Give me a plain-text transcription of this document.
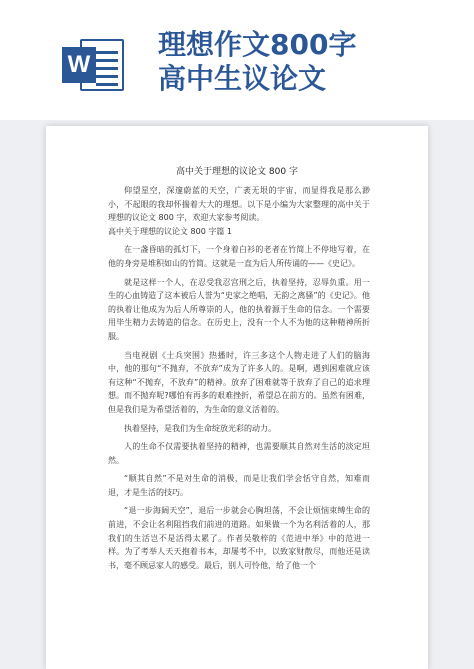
W
理想作文800字
高中生议论文
高中关于理想的议论文 800 字

仰望星空，深邃蔚蓝的天空，广袤无垠的宇宙，而显得我是那么渺小，不起眼的我却怀揣着大大的理想。以下是小编为大家整理的高中关于理想的议论文 800 字，欢迎大家参考阅读。

高中关于理想的议论文 800 字篇 1

在一盏昏暗的孤灯下，一个身着白衫的老者在竹简上不停地写着，在他的身旁是堆积如山的竹简。这就是一直为后人所传诵的——《史记》。

就是这样一个人，在忍受我忍宫刑之后，执着坚持，忍辱负重。用一生的心血铸造了这本被后人誉为“史家之绝唱，无韵之离骚”的《史记》。他的执着让他成为为后人所尊崇的人，他的执着源于生命的信念。一个需要用毕生精力去铸造的信念。在历史上，没有一个人不为他的这种精神所折服。

当电视剧《士兵突围》热播时，许三多这个人物走进了人们的脑海中，他的那句“不抛弃，不放弃”成为了许多人的。是啊，遇到困难就应该有这种“不抛弃，不放弃”的精神。放弃了困难就等于放弃了自己的追求理想。而不抛弃呢?哪怕有再多的艰难挫折，希望总在前方的。虽然有困难，但是我们是为希望活着的，为生命的意义活着的。

执着坚持，是我们为生命绽放光彩的动力。

人的生命不仅需要执着坚持的精神，也需要顺其自然对生活的淡定坦然。

“顺其自然”不是对生命的消极，而是让我们学会恬守自然，知难而退，才是生活的技巧。

“退一步海阔天空”，退后一步就会心胸坦荡，不会让烦恼束缚生命的前进，不会让名利阻挡我们前进的道路。如果做一个为名利活着的人，那我们的生活岂不是活得太累了。作者吴敬梓的《范进中举》中的范进一样。为了考举人天天抱着书本，却屡考不中，以致家财散尽，而他还是读书，毫不顾忌家人的感受。最后，别人可怜他，给了他一个
